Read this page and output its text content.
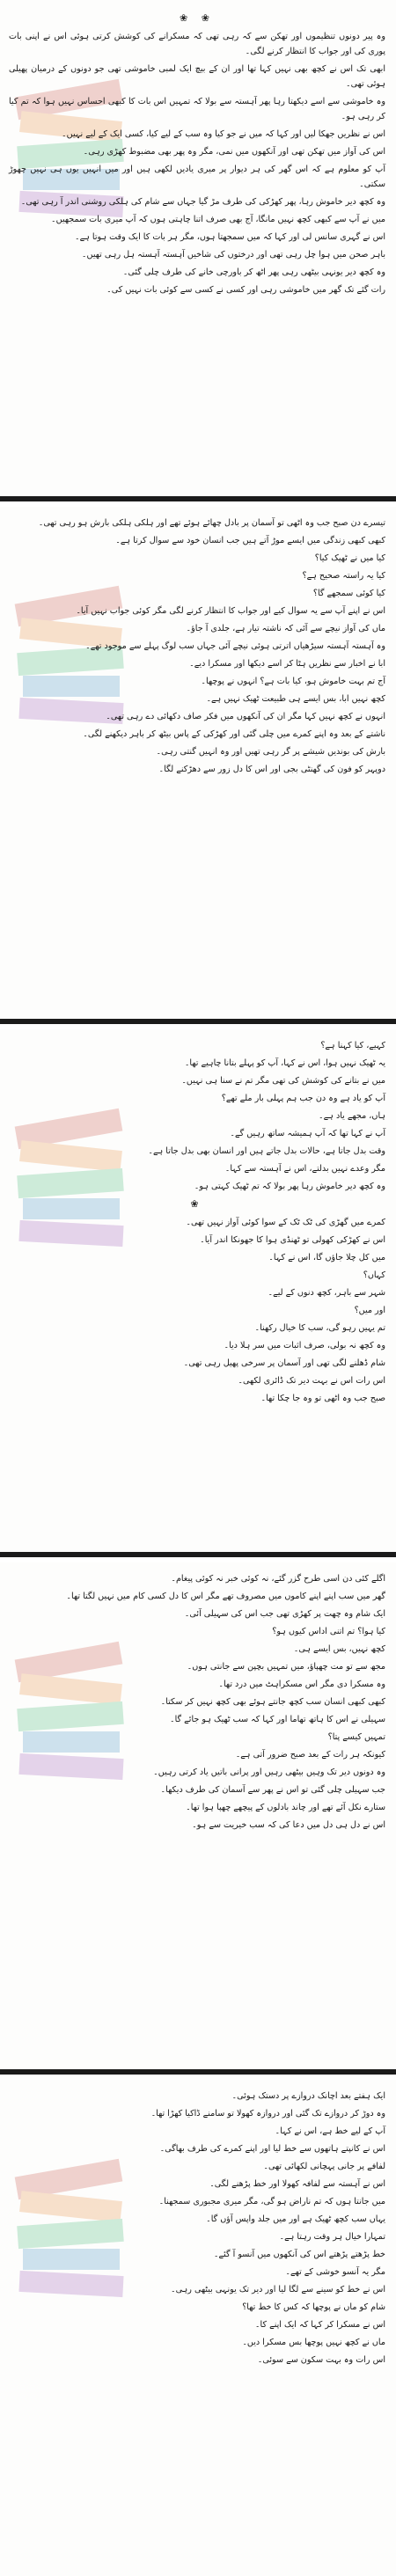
❀ ❀

وہ پیر دونوں تنظیموں اور تھکن سے کہ رہی تھی کہ مسکرانے کی کوشش کرتی ہوئی اس نے اپنی بات پوری کی اور جواب کا انتظار کرنے لگی۔

ابھی تک اس نے کچھ بھی نہیں کہا تھا اور ان کے بیچ ایک لمبی خاموشی تھی جو دونوں کے درمیان پھیلی ہوئی تھی۔

وہ خاموشی سے اسے دیکھتا رہا پھر آہستہ سے بولا کہ تمہیں اس بات کا کبھی احساس نہیں ہوا کہ تم کیا کر رہی ہو۔

اس نے نظریں جھکا لیں اور کہا کہ میں نے جو کیا وہ سب کے لیے کیا، کسی ایک کے لیے نہیں۔

اس کی آواز میں تھکن تھی اور آنکھوں میں نمی، مگر وہ پھر بھی مضبوط کھڑی رہی۔

آپ کو معلوم ہے کہ اس گھر کی ہر دیوار پر میری یادیں لکھی ہیں اور میں انہیں یوں ہی نہیں چھوڑ سکتی۔

وہ کچھ دیر خاموش رہا، پھر کھڑکی کی طرف مڑ گیا جہاں سے شام کی ہلکی روشنی اندر آ رہی تھی۔

میں نے آپ سے کبھی کچھ نہیں مانگا، آج بھی صرف اتنا چاہتی ہوں کہ آپ میری بات سمجھیں۔

اس نے گہری سانس لی اور کہا کہ میں سمجھتا ہوں، مگر ہر بات کا ایک وقت ہوتا ہے۔

باہر صحن میں ہوا چل رہی تھی اور درختوں کی شاخیں آہستہ آہستہ ہل رہی تھیں۔

وہ کچھ دیر یونہی بیٹھی رہی پھر اٹھ کر باورچی خانے کی طرف چلی گئی۔

رات گئے تک گھر میں خاموشی رہی اور کسی نے کسی سے کوئی بات نہیں کی۔

تیسرے دن صبح جب وہ اٹھی تو آسمان پر بادل چھائے ہوئے تھے اور ہلکی ہلکی بارش ہو رہی تھی۔

کبھی کبھی زندگی میں ایسے موڑ آتے ہیں جب انسان خود سے سوال کرتا ہے۔

کیا میں نے ٹھیک کیا؟

کیا یہ راستہ صحیح ہے؟

کیا کوئی سمجھے گا؟

اس نے اپنے آپ سے یہ سوال کیے اور جواب کا انتظار کرنے لگی مگر کوئی جواب نہیں آیا۔

ماں کی آواز نیچے سے آئی کہ ناشتہ تیار ہے، جلدی آ جاؤ۔

وہ آہستہ آہستہ سیڑھیاں اترتی ہوئی نیچے آئی جہاں سب لوگ پہلے سے موجود تھے۔

ابا نے اخبار سے نظریں ہٹا کر اسے دیکھا اور مسکرا دیے۔

آج تم بہت خاموش ہو، کیا بات ہے؟ انہوں نے پوچھا۔

کچھ نہیں ابا، بس ایسے ہی طبیعت ٹھیک نہیں ہے۔

انہوں نے کچھ نہیں کہا مگر ان کی آنکھوں میں فکر صاف دکھائی دے رہی تھی۔

ناشتے کے بعد وہ اپنے کمرے میں چلی گئی اور کھڑکی کے پاس بیٹھ کر باہر دیکھنے لگی۔

بارش کی بوندیں شیشے پر گر رہی تھیں اور وہ انہیں گنتی رہی۔

دوپہر کو فون کی گھنٹی بجی اور اس کا دل زور سے دھڑکنے لگا۔

کہیے، کیا کہنا ہے؟

یہ ٹھیک نہیں ہوا، اس نے کہا، آپ کو پہلے بتانا چاہیے تھا۔

میں نے بتانے کی کوشش کی تھی مگر تم نے سنا ہی نہیں۔

آپ کو یاد ہے وہ دن جب ہم پہلی بار ملے تھے؟

ہاں، مجھے یاد ہے۔

آپ نے کہا تھا کہ آپ ہمیشہ ساتھ رہیں گے۔

وقت بدل جاتا ہے، حالات بدل جاتے ہیں اور انسان بھی بدل جاتا ہے۔

مگر وعدے نہیں بدلتے، اس نے آہستہ سے کہا۔

وہ کچھ دیر خاموش رہا پھر بولا کہ تم ٹھیک کہتی ہو۔

❀

کمرے میں گھڑی کی ٹک ٹک کے سوا کوئی آواز نہیں تھی۔

اس نے کھڑکی کھولی تو ٹھنڈی ہوا کا جھونکا اندر آیا۔

میں کل چلا جاؤں گا، اس نے کہا۔

کہاں؟

شہر سے باہر، کچھ دنوں کے لیے۔

اور میں؟

تم یہیں رہو گی، سب کا خیال رکھنا۔

وہ کچھ نہ بولی، صرف اثبات میں سر ہلا دیا۔

شام ڈھلنے لگی تھی اور آسمان پر سرخی پھیل رہی تھی۔

اس رات اس نے بہت دیر تک ڈائری لکھی۔

صبح جب وہ اٹھی تو وہ جا چکا تھا۔

اگلے کئی دن اسی طرح گزر گئے، نہ کوئی خبر نہ کوئی پیغام۔

گھر میں سب اپنے اپنے کاموں میں مصروف تھے مگر اس کا دل کسی کام میں نہیں لگتا تھا۔

ایک شام وہ چھت پر کھڑی تھی جب اس کی سہیلی آئی۔

کیا ہوا؟ تم اتنی اداس کیوں ہو؟

کچھ نہیں، بس ایسے ہی۔

مجھ سے تو مت چھپاؤ، میں تمہیں بچپن سے جانتی ہوں۔

وہ مسکرا دی مگر اس مسکراہٹ میں درد تھا۔

کبھی کبھی انسان سب کچھ جانتے ہوئے بھی کچھ نہیں کر سکتا۔

سہیلی نے اس کا ہاتھ تھاما اور کہا کہ سب ٹھیک ہو جائے گا۔

تمہیں کیسے پتا؟

کیونکہ ہر رات کے بعد صبح ضرور آتی ہے۔

وہ دونوں دیر تک وہیں بیٹھی رہیں اور پرانی باتیں یاد کرتی رہیں۔

جب سہیلی چلی گئی تو اس نے پھر سے آسمان کی طرف دیکھا۔

ستارے نکل آئے تھے اور چاند بادلوں کے پیچھے چھپا ہوا تھا۔

اس نے دل ہی دل میں دعا کی کہ سب خیریت سے ہو۔

ایک ہفتے بعد اچانک دروازے پر دستک ہوئی۔

وہ دوڑ کر دروازے تک گئی اور دروازہ کھولا تو سامنے ڈاکیا کھڑا تھا۔

آپ کے لیے خط ہے، اس نے کہا۔

اس نے کانپتے ہاتھوں سے خط لیا اور اپنے کمرے کی طرف بھاگی۔

لفافے پر جانی پہچانی لکھائی تھی۔

اس نے آہستہ سے لفافہ کھولا اور خط پڑھنے لگی۔

میں جانتا ہوں کہ تم ناراض ہو گی، مگر میری مجبوری سمجھنا۔

یہاں سب کچھ ٹھیک ہے اور میں جلد واپس آؤں گا۔

تمہارا خیال ہر وقت رہتا ہے۔

خط پڑھتے پڑھتے اس کی آنکھوں میں آنسو آ گئے۔

مگر یہ آنسو خوشی کے تھے۔

اس نے خط کو سینے سے لگا لیا اور دیر تک یونہی بیٹھی رہی۔

شام کو ماں نے پوچھا کہ کس کا خط تھا؟

اس نے مسکرا کر کہا کہ ایک اپنے کا۔

ماں نے کچھ نہیں پوچھا بس مسکرا دیں۔

اس رات وہ بہت سکون سے سوئی۔
